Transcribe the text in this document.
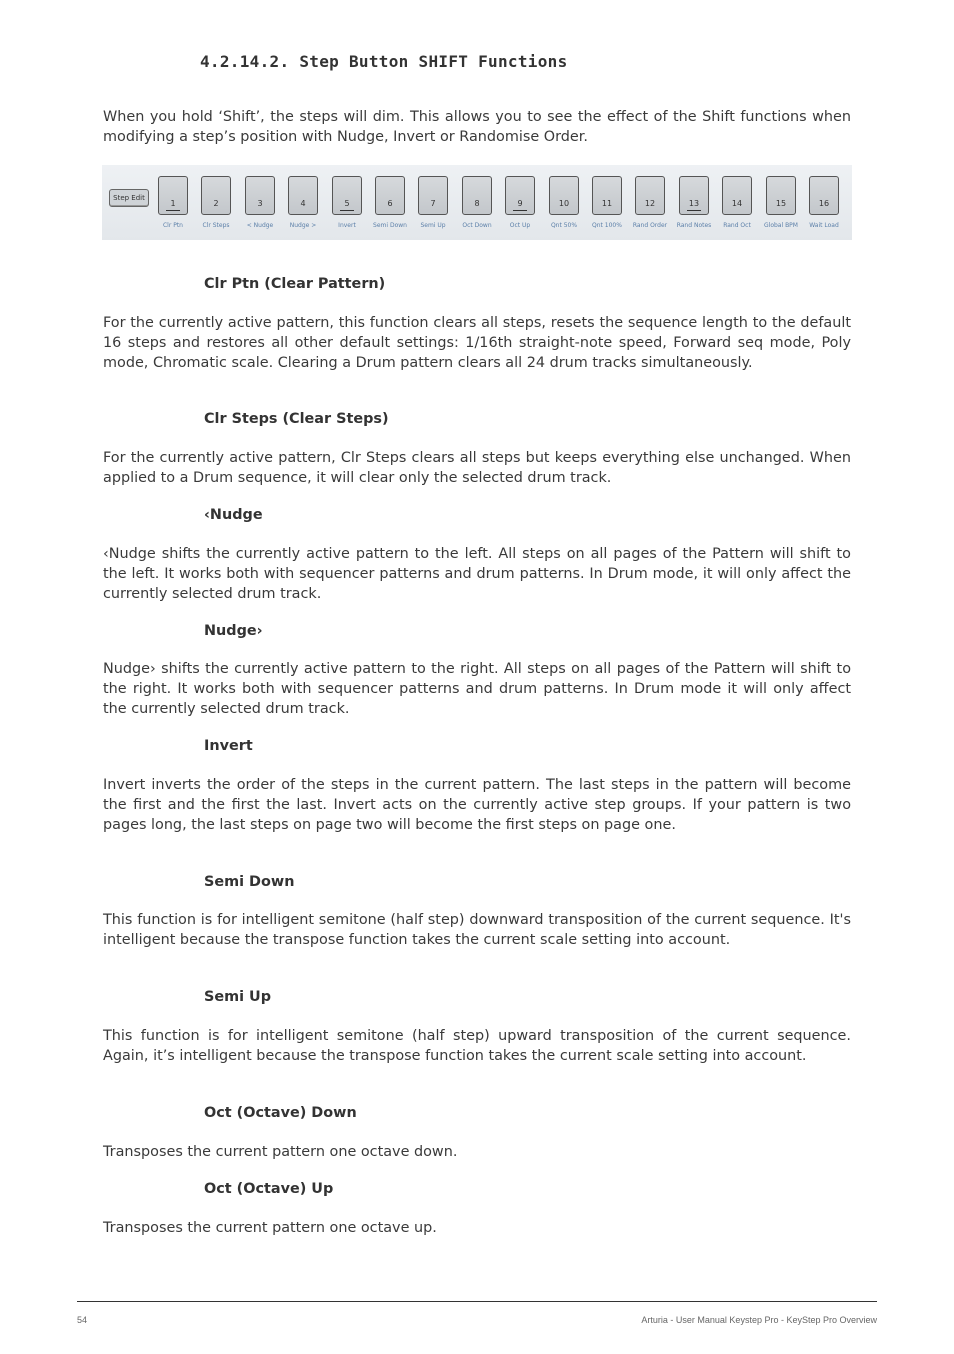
4.2.14.2. Step Button SHIFT Functions

When you hold ‘Shift’, the steps will dim. This allows you to see the effect of the Shift functions when modifying a step’s position with Nudge, Invert or Randomise Order.

Step Edit
1
Clr Ptn
2
Clr Steps
3
< Nudge
4
Nudge >
5
Invert
6
Semi Down
7
Semi Up
8
Oct Down
9
Oct Up
10
Qnt 50%
11
Qnt 100%
12
Rand Order
13
Rand Notes
14
Rand Oct
15
Global BPM
16
Wait Load

Clr Ptn (Clear Pattern)

For the currently active pattern, this function clears all steps, resets the sequence length to the default 16 steps and restores all other default settings: 1/16th straight-note speed, Forward seq mode, Poly mode, Chromatic scale. Clearing a Drum pattern clears all 24 drum tracks simultaneously.

Clr Steps (Clear Steps)

For the currently active pattern, Clr Steps clears all steps but keeps everything else unchanged. When applied to a Drum sequence, it will clear only the selected drum track.

‹Nudge

‹Nudge shifts the currently active pattern to the left. All steps on all pages of the Pattern will shift to the left. It works both with sequencer patterns and drum patterns. In Drum mode, it will only affect the currently selected drum track.

Nudge›

Nudge› shifts the currently active pattern to the right. All steps on all pages of the Pattern will shift to the right. It works both with sequencer patterns and drum patterns. In Drum mode it will only affect the currently selected drum track.

Invert

Invert inverts the order of the steps in the current pattern. The last steps in the pattern will become the first and the first the last. Invert acts on the currently active step groups. If your pattern is two pages long, the last steps on page two will become the first steps on page one.

Semi Down

This function is for intelligent semitone (half step) downward transposition of the current sequence. It's intelligent because the transpose function takes the current scale setting into account.

Semi Up

This function is for intelligent semitone (half step) upward transposition of the current sequence. Again, it’s intelligent because the transpose function takes the current scale setting into account.

Oct (Octave) Down

Transposes the current pattern one octave down.

Oct (Octave) Up

Transposes the current pattern one octave up.

54	Arturia - User Manual Keystep Pro - KeyStep Pro Overview
